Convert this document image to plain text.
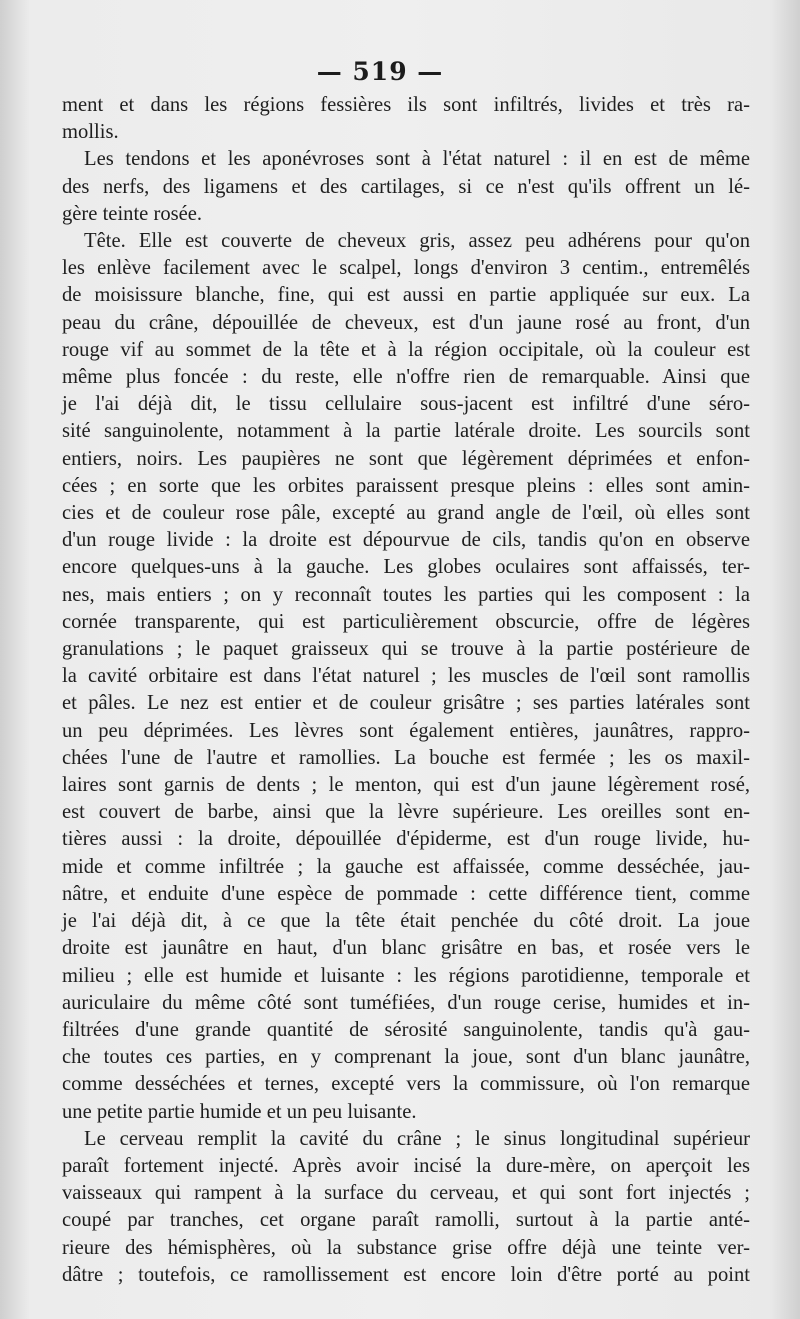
— 519 —
ment et dans les régions fessières ils sont infiltrés, livides et très ra-
mollis.
Les tendons et les aponévroses sont à l'état naturel : il en est de même
des nerfs, des ligamens et des cartilages, si ce n'est qu'ils offrent un lé-
gère teinte rosée.
Tête. Elle est couverte de cheveux gris, assez peu adhérens pour qu'on
les enlève facilement avec le scalpel, longs d'environ 3 centim., entremêlés
de moisissure blanche, fine, qui est aussi en partie appliquée sur eux. La
peau du crâne, dépouillée de cheveux, est d'un jaune rosé au front, d'un
rouge vif au sommet de la tête et à la région occipitale, où la couleur est
même plus foncée : du reste, elle n'offre rien de remarquable. Ainsi que
je l'ai déjà dit, le tissu cellulaire sous-jacent est infiltré d'une séro-
sité sanguinolente, notamment à la partie latérale droite. Les sourcils sont
entiers, noirs. Les paupières ne sont que légèrement déprimées et enfon-
cées ; en sorte que les orbites paraissent presque pleins : elles sont amin-
cies et de couleur rose pâle, excepté au grand angle de l'œil, où elles sont
d'un rouge livide : la droite est dépourvue de cils, tandis qu'on en observe
encore quelques-uns à la gauche. Les globes oculaires sont affaissés, ter-
nes, mais entiers ; on y reconnaît toutes les parties qui les composent : la
cornée transparente, qui est particulièrement obscurcie, offre de légères
granulations ; le paquet graisseux qui se trouve à la partie postérieure de
la cavité orbitaire est dans l'état naturel ; les muscles de l'œil sont ramollis
et pâles. Le nez est entier et de couleur grisâtre ; ses parties latérales sont
un peu déprimées. Les lèvres sont également entières, jaunâtres, rappro-
chées l'une de l'autre et ramollies. La bouche est fermée ; les os maxil-
laires sont garnis de dents ; le menton, qui est d'un jaune légèrement rosé,
est couvert de barbe, ainsi que la lèvre supérieure. Les oreilles sont en-
tières aussi : la droite, dépouillée d'épiderme, est d'un rouge livide, hu-
mide et comme infiltrée ; la gauche est affaissée, comme desséchée, jau-
nâtre, et enduite d'une espèce de pommade : cette différence tient, comme
je l'ai déjà dit, à ce que la tête était penchée du côté droit. La joue
droite est jaunâtre en haut, d'un blanc grisâtre en bas, et rosée vers le
milieu ; elle est humide et luisante : les régions parotidienne, temporale et
auriculaire du même côté sont tuméfiées, d'un rouge cerise, humides et in-
filtrées d'une grande quantité de sérosité sanguinolente, tandis qu'à gau-
che toutes ces parties, en y comprenant la joue, sont d'un blanc jaunâtre,
comme desséchées et ternes, excepté vers la commissure, où l'on remarque
une petite partie humide et un peu luisante.
Le cerveau remplit la cavité du crâne ; le sinus longitudinal supérieur
paraît fortement injecté. Après avoir incisé la dure-mère, on aperçoit les
vaisseaux qui rampent à la surface du cerveau, et qui sont fort injectés ;
coupé par tranches, cet organe paraît ramolli, surtout à la partie anté-
rieure des hémisphères, où la substance grise offre déjà une teinte ver-
dâtre ; toutefois, ce ramollissement est encore loin d'être porté au point
